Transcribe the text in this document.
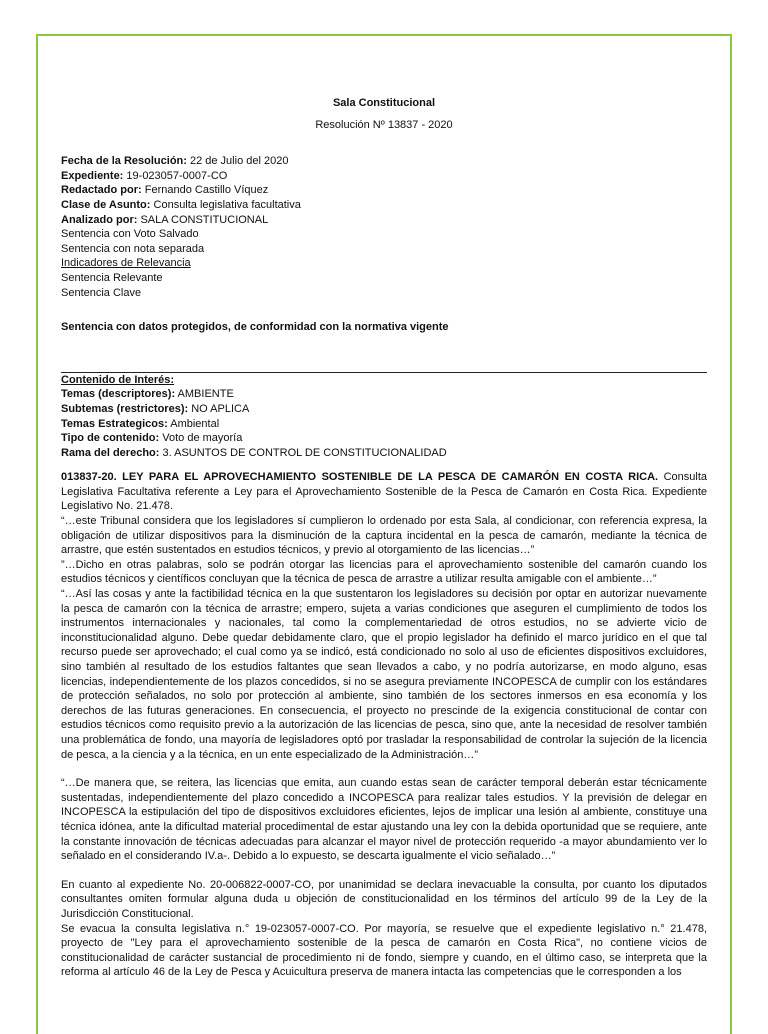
Sala Constitucional
Resolución Nº 13837 - 2020
Fecha de la Resolución: 22 de Julio del 2020
Expediente: 19-023057-0007-CO
Redactado por: Fernando Castillo Víquez
Clase de Asunto: Consulta legislativa facultativa
Analizado por: SALA CONSTITUCIONAL
Sentencia con Voto Salvado
Sentencia con nota separada
Indicadores de Relevancia
Sentencia Relevante
Sentencia Clave
Sentencia con datos protegidos, de conformidad con la normativa vigente
Contenido de Interés:
Temas (descriptores): AMBIENTE
Subtemas (restrictores): NO APLICA
Temas Estrategicos: Ambiental
Tipo de contenido: Voto de mayoría
Rama del derecho: 3. ASUNTOS DE CONTROL DE CONSTITUCIONALIDAD

013837-20. LEY PARA EL APROVECHAMIENTO SOSTENIBLE DE LA PESCA DE CAMARÓN EN COSTA RICA. Consulta Legislativa Facultativa referente a Ley para el Aprovechamiento Sostenible de la Pesca de Camarón en Costa Rica. Expediente Legislativo No. 21.478.

“…este Tribunal considera que los legisladores sí cumplieron lo ordenado por esta Sala, al condicionar, con referencia expresa, la obligación de utilizar dispositivos para la disminución de la captura incidental en la pesca de camarón, mediante la técnica de arrastre, que estén sustentados en estudios técnicos, y previo al otorgamiento de las licencias…”

”…Dicho en otras palabras, solo se podrán otorgar las licencias para el aprovechamiento sostenible del camarón cuando los estudios técnicos y científicos concluyan que la técnica de pesca de arrastre a utilizar resulta amigable con el ambiente…”

“…Así las cosas y ante la factibilidad técnica en la que sustentaron los legisladores su decisión por optar en autorizar nuevamente la pesca de camarón con la técnica de arrastre; empero, sujeta a varias condiciones que aseguren el cumplimiento de todos los instrumentos internacionales y nacionales, tal como la complementariedad de otros estudios, no se advierte vicio de inconstitucionalidad alguno. Debe quedar debidamente claro, que el propio legislador ha definido el marco jurídico en el que tal recurso puede ser aprovechado; el cual como ya se indicó, está condicionado no solo al uso de eficientes dispositivos excluidores, sino también al resultado de los estudios faltantes que sean llevados a cabo, y no podría autorizarse, en modo alguno, esas licencias, independientemente de los plazos concedidos, si no se asegura previamente INCOPESCA de cumplir con los estándares de protección señalados, no solo por protección al ambiente, sino también de los sectores inmersos en esa economía y los derechos de las futuras generaciones. En consecuencia, el proyecto no prescinde de la exigencia constitucional de contar con estudios técnicos como requisito previo a la autorización de las licencias de pesca, sino que, ante la necesidad de resolver también una problemática de fondo, una mayoría de legisladores optó por trasladar la responsabilidad de controlar la sujeción de la licencia de pesca, a la ciencia y a la técnica, en un ente especializado de la Administración…”

“…De manera que, se reitera, las licencias que emita, aun cuando estas sean de carácter temporal deberán estar técnicamente sustentadas, independientemente del plazo concedido a INCOPESCA para realizar tales estudios. Y la previsión de delegar en INCOPESCA la estipulación del tipo de dispositivos excluidores eficientes, lejos de implicar una lesión al ambiente, constituye una técnica idónea, ante la dificultad material procedimental de estar ajustando una ley con la debida oportunidad que se requiere, ante la constante innovación de técnicas adecuadas para alcanzar el mayor nivel de protección requerido -a mayor abundamiento ver lo señalado en el considerando IV.a-. Debido a lo expuesto, se descarta igualmente el vicio señalado…”

En cuanto al expediente No. 20-006822-0007-CO, por unanimidad se declara inevacuable la consulta, por cuanto los diputados consultantes omiten formular alguna duda u objeción de constitucionalidad en los términos del artículo 99 de la Ley de la Jurisdicción Constitucional.

Se evacua la consulta legislativa n.° 19-023057-0007-CO. Por mayoría, se resuelve que el expediente legislativo n.° 21.478, proyecto de "Ley para el aprovechamiento sostenible de la pesca de camarón en Costa Rica", no contiene vicios de constitucionalidad de carácter sustancial de procedimiento ni de fondo, siempre y cuando, en el último caso, se interpreta que la reforma al artículo 46 de la Ley de Pesca y Acuicultura preserva de manera intacta las competencias que le corresponden a los
